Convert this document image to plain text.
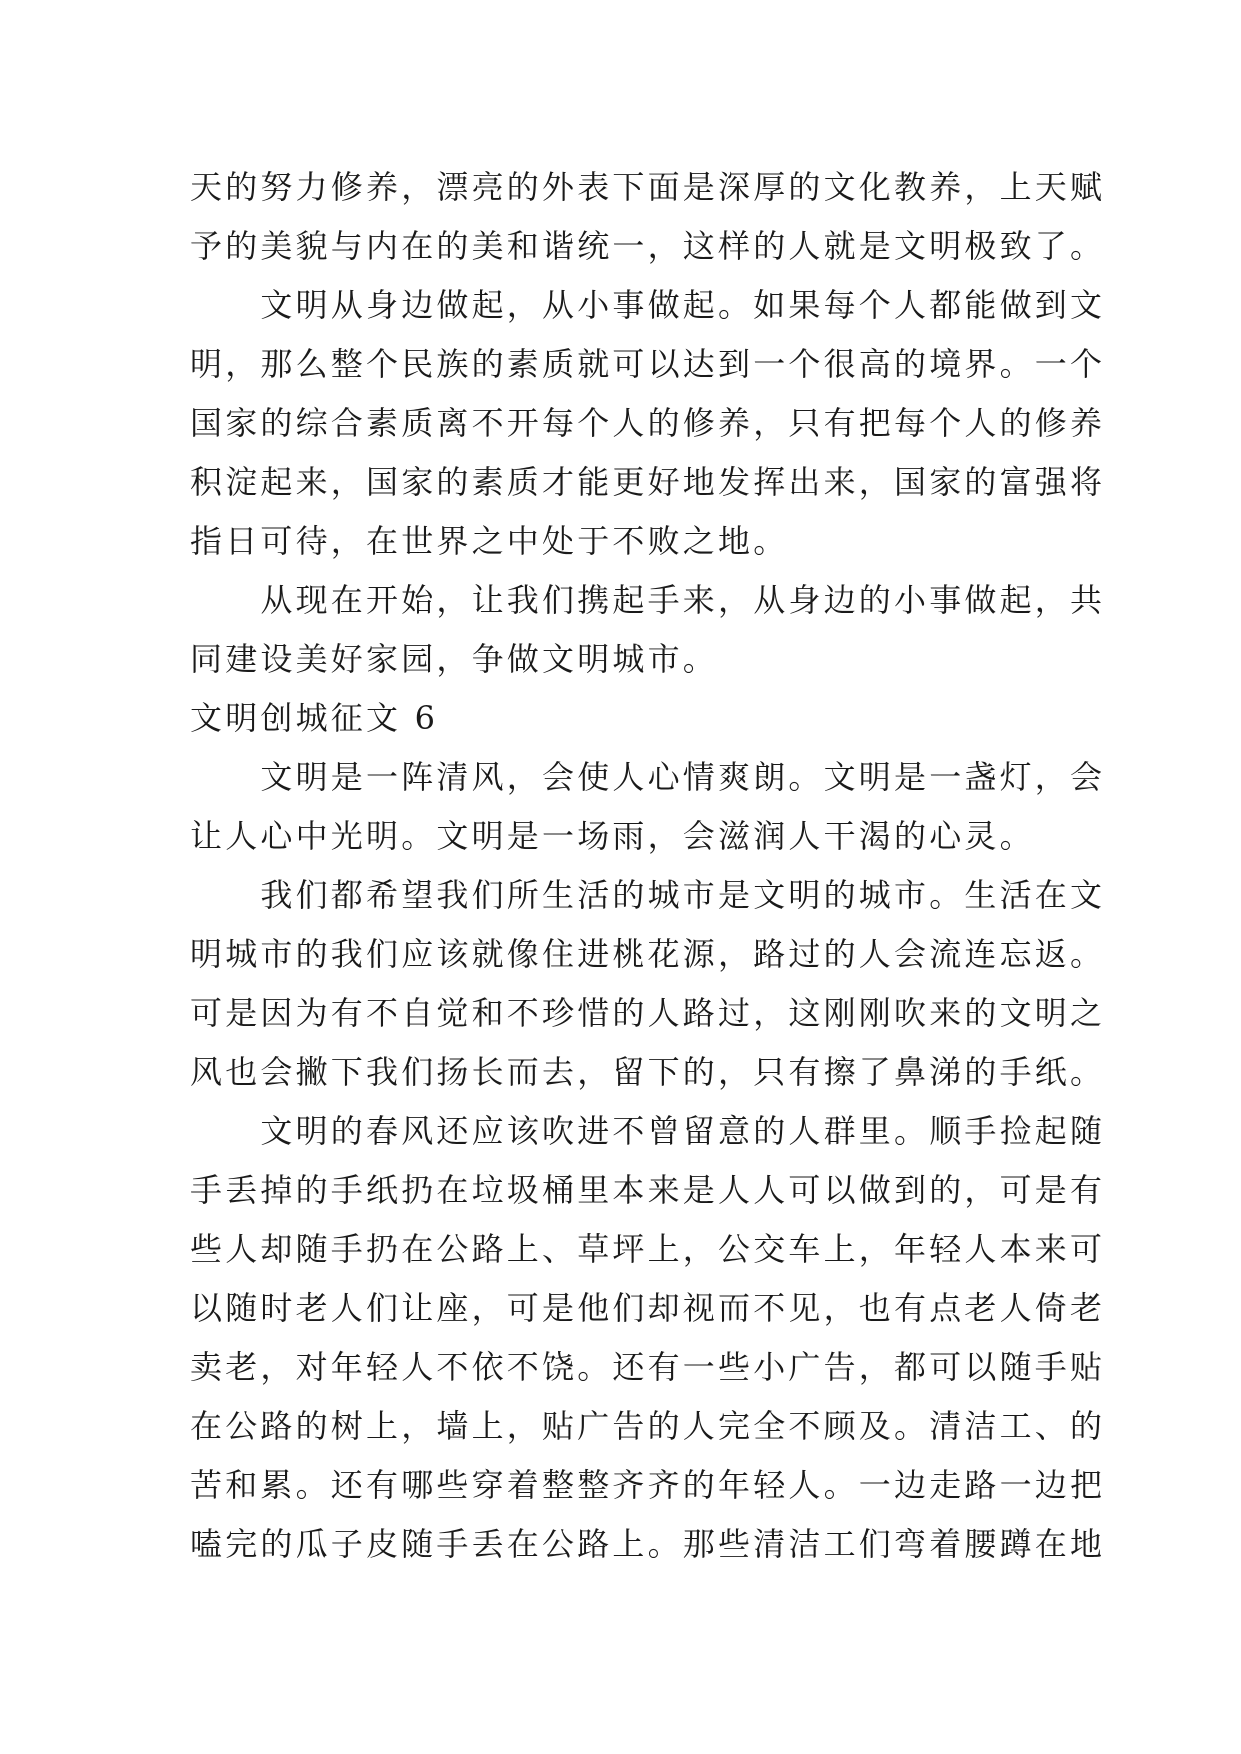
天的努力修养，漂亮的外表下面是深厚的文化教养，上天赋
予的美貌与内在的美和谐统一，这样的人就是文明极致了。
　　文明从身边做起，从小事做起。如果每个人都能做到文
明，那么整个民族的素质就可以达到一个很高的境界。一个
国家的综合素质离不开每个人的修养，只有把每个人的修养
积淀起来，国家的素质才能更好地发挥出来，国家的富强将
指日可待，在世界之中处于不败之地。
　　从现在开始，让我们携起手来，从身边的小事做起，共
同建设美好家园，争做文明城市。
文明创城征文 6
　　文明是一阵清风，会使人心情爽朗。文明是一盏灯，会
让人心中光明。文明是一场雨，会滋润人干渴的心灵。
　　我们都希望我们所生活的城市是文明的城市。生活在文
明城市的我们应该就像住进桃花源，路过的人会流连忘返。
可是因为有不自觉和不珍惜的人路过，这刚刚吹来的文明之
风也会撇下我们扬长而去，留下的，只有擦了鼻涕的手纸。
　　文明的春风还应该吹进不曾留意的人群里。顺手捡起随
手丢掉的手纸扔在垃圾桶里本来是人人可以做到的，可是有
些人却随手扔在公路上、草坪上，公交车上，年轻人本来可
以随时老人们让座，可是他们却视而不见，也有点老人倚老
卖老，对年轻人不依不饶。还有一些小广告，都可以随手贴
在公路的树上，墙上，贴广告的人完全不顾及。清洁工、的
苦和累。还有哪些穿着整整齐齐的年轻人。一边走路一边把
嗑完的瓜子皮随手丢在公路上。那些清洁工们弯着腰蹲在地
